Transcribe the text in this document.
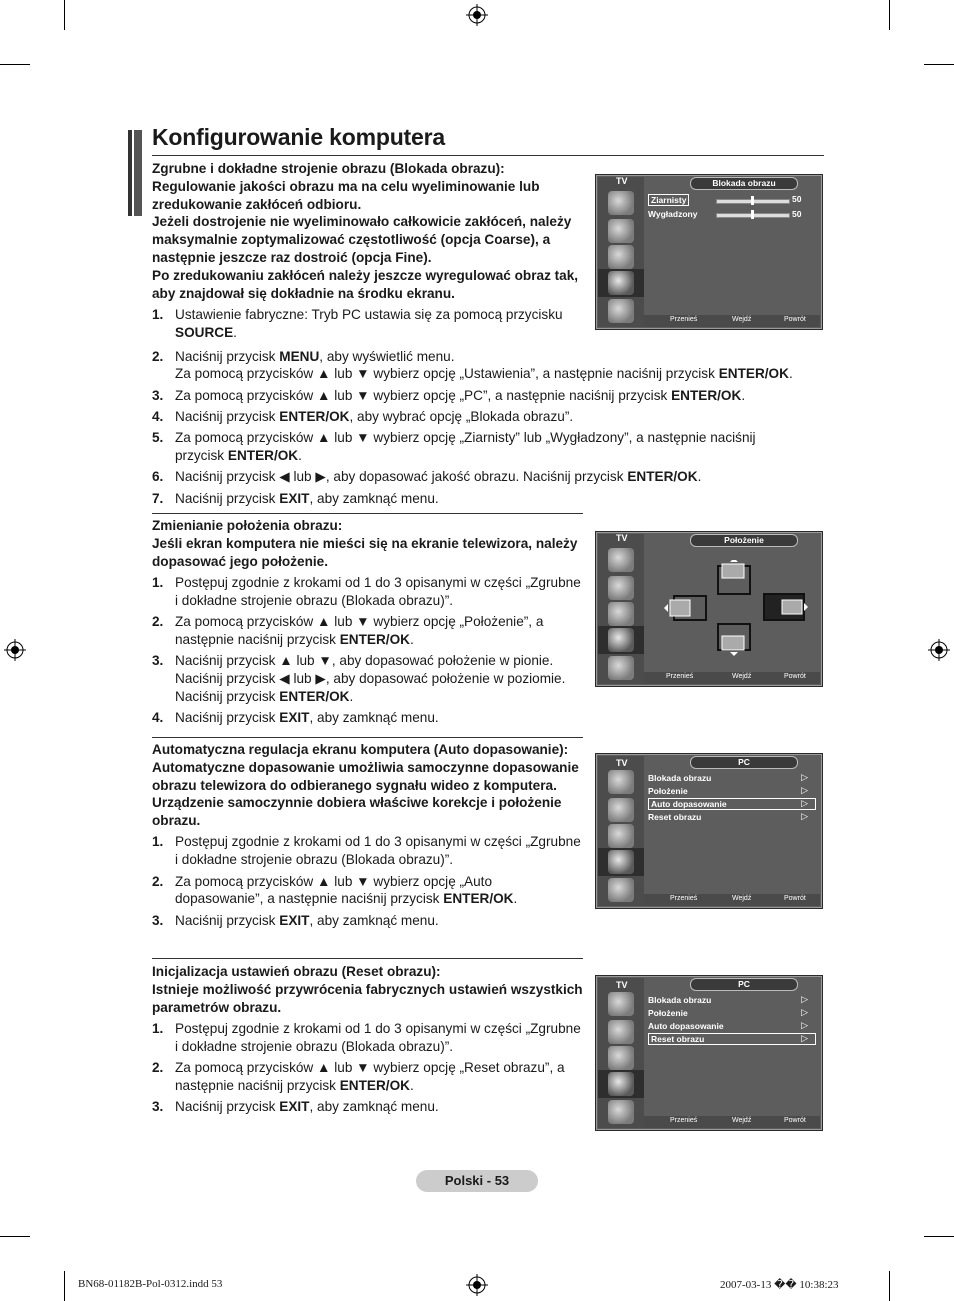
Konfigurowanie komputera
Zgrubne i dokładne strojenie obrazu (Blokada obrazu):
Regulowanie jakości obrazu ma na celu wyeliminowanie lub zredukowanie zakłóceń odbioru.
Jeżeli dostrojenie nie wyeliminowało całkowicie zakłóceń, należy maksymalnie zoptymalizować częstotliwość (opcja Coarse), a następnie jeszcze raz dostroić (opcja Fine).
Po zredukowaniu zakłóceń należy jeszcze wyregulować obraz tak, aby znajdował się dokładnie na środku ekranu.
1. Ustawienie fabryczne: Tryb PC ustawia się za pomocą przycisku SOURCE.
2. Naciśnij przycisk MENU, aby wyświetlić menu.
Za pomocą przycisków ▲ lub ▼ wybierz opcję „Ustawienia”, a następnie naciśnij przycisk ENTER/OK.
3. Za pomocą przycisków ▲ lub ▼ wybierz opcję „PC”, a następnie naciśnij przycisk ENTER/OK.
4. Naciśnij przycisk ENTER/OK, aby wybrać opcję „Blokada obrazu”.
5. Za pomocą przycisków ▲ lub ▼ wybierz opcję „Ziarnisty” lub „Wygładzony”, a następnie naciśnij przycisk ENTER/OK.
6. Naciśnij przycisk ◀ lub ▶, aby dopasować jakość obrazu. Naciśnij przycisk ENTER/OK.
7. Naciśnij przycisk EXIT, aby zamknąć menu.
Zmienianie położenia obrazu:
Jeśli ekran komputera nie mieści się na ekranie telewizora, należy dopasować jego położenie.
1. Postępuj zgodnie z krokami od 1 do 3 opisanymi w części „Zgrubne i dokładne strojenie obrazu (Blokada obrazu)”.
2. Za pomocą przycisków ▲ lub ▼ wybierz opcję „Położenie”, a następnie naciśnij przycisk ENTER/OK.
3. Naciśnij przycisk ▲ lub ▼, aby dopasować położenie w pionie. Naciśnij przycisk ◀ lub ▶, aby dopasować położenie w poziomie. Naciśnij przycisk ENTER/OK.
4. Naciśnij przycisk EXIT, aby zamknąć menu.
Automatyczna regulacja ekranu komputera (Auto dopasowanie):
Automatyczne dopasowanie umożliwia samoczynne dopasowanie obrazu telewizora do odbieranego sygnału wideo z komputera. Urządzenie samoczynnie dobiera właściwe korekcje i położenie obrazu.
1. Postępuj zgodnie z krokami od 1 do 3 opisanymi w części „Zgrubne i dokładne strojenie obrazu (Blokada obrazu)”.
2. Za pomocą przycisków ▲ lub ▼ wybierz opcję „Auto dopasowanie”, a następnie naciśnij przycisk ENTER/OK.
3. Naciśnij przycisk EXIT, aby zamknąć menu.
Inicjalizacja ustawień obrazu (Reset obrazu):
Istnieje możliwość przywrócenia fabrycznych ustawień wszystkich parametrów obrazu.
1. Postępuj zgodnie z krokami od 1 do 3 opisanymi w części „Zgrubne i dokładne strojenie obrazu (Blokada obrazu)”.
2. Za pomocą przycisków ▲ lub ▼ wybierz opcję „Reset obrazu”, a następnie naciśnij przycisk ENTER/OK.
3. Naciśnij przycisk EXIT, aby zamknąć menu.
TV	Blokada obrazu
Ziarnisty
Wygładzony
50
50
Przenieś	Wejdź	Powrót
TV	Położenie
Przenieś	Wejdź	Powrót
TV	PC
Blokada obrazu
Położenie
Auto dopasowanie
Reset obrazu
▷
▷
▷
▷
Przenieś	Wejdź	Powrót
TV	PC
Blokada obrazu
Położenie
Auto dopasowanie
Reset obrazu
▷
▷
▷
▷
Przenieś	Wejdź	Powrót
Polski - 53
BN68-01182B-Pol-0312.indd 53	2007-03-13 �� 10:38:23
